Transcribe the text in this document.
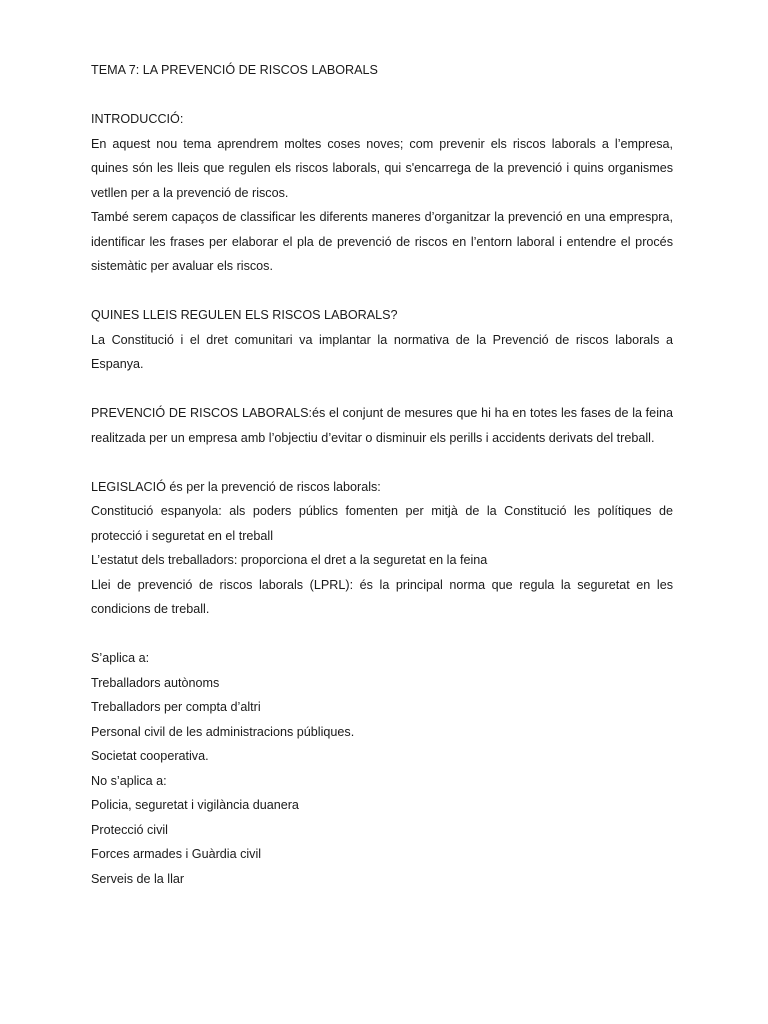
TEMA 7: LA PREVENCIÓ DE RISCOS LABORALS

INTRODUCCIÓ:

En aquest nou tema aprendrem moltes coses noves; com prevenir els riscos laborals a l’empresa, quines són les lleis que regulen els riscos laborals, qui s'encarrega de la prevenció i quins organismes vetllen per a la prevenció de riscos.

També serem capaços de classificar les diferents maneres d’organitzar la prevenció en una empresprа, identificar les frases per elaborar el pla de prevenció de riscos en l’entorn laboral i entendre el procés sistemàtic per avaluar els riscos.

QUINES LLEIS REGULEN ELS RISCOS LABORALS?

La Constitució i el dret comunitari va implantar la normativa de la Prevenció de riscos laborals a Espanya.

PREVENCIÓ DE RISCOS LABORALS:és el conjunt de mesures que hi ha en totes les fases de la feina realitzada per un empresa amb l’objectiu d’evitar o disminuir els perills i accidents derivats del treball.

LEGISLACIÓ és per la prevenció de riscos laborals:

Constitució espanyola: als poders públics fomenten per mitjà de la Constitució les polítiques de protecció i seguretat en el treball

L’estatut dels treballadors: proporciona el dret a la seguretat en la feina

Llei de prevenció de riscos laborals (LPRL): és la principal norma que regula la seguretat en les condicions de treball.

S’aplica a:

Treballadors autònoms

Treballadors per compta d’altri

Personal civil de les administracions públiques.

Societat cooperativa.

No s’aplica a:

Policia, seguretat i vigilància duanera

Protecció civil

Forces armades i Guàrdia civil

Serveis de la llar
